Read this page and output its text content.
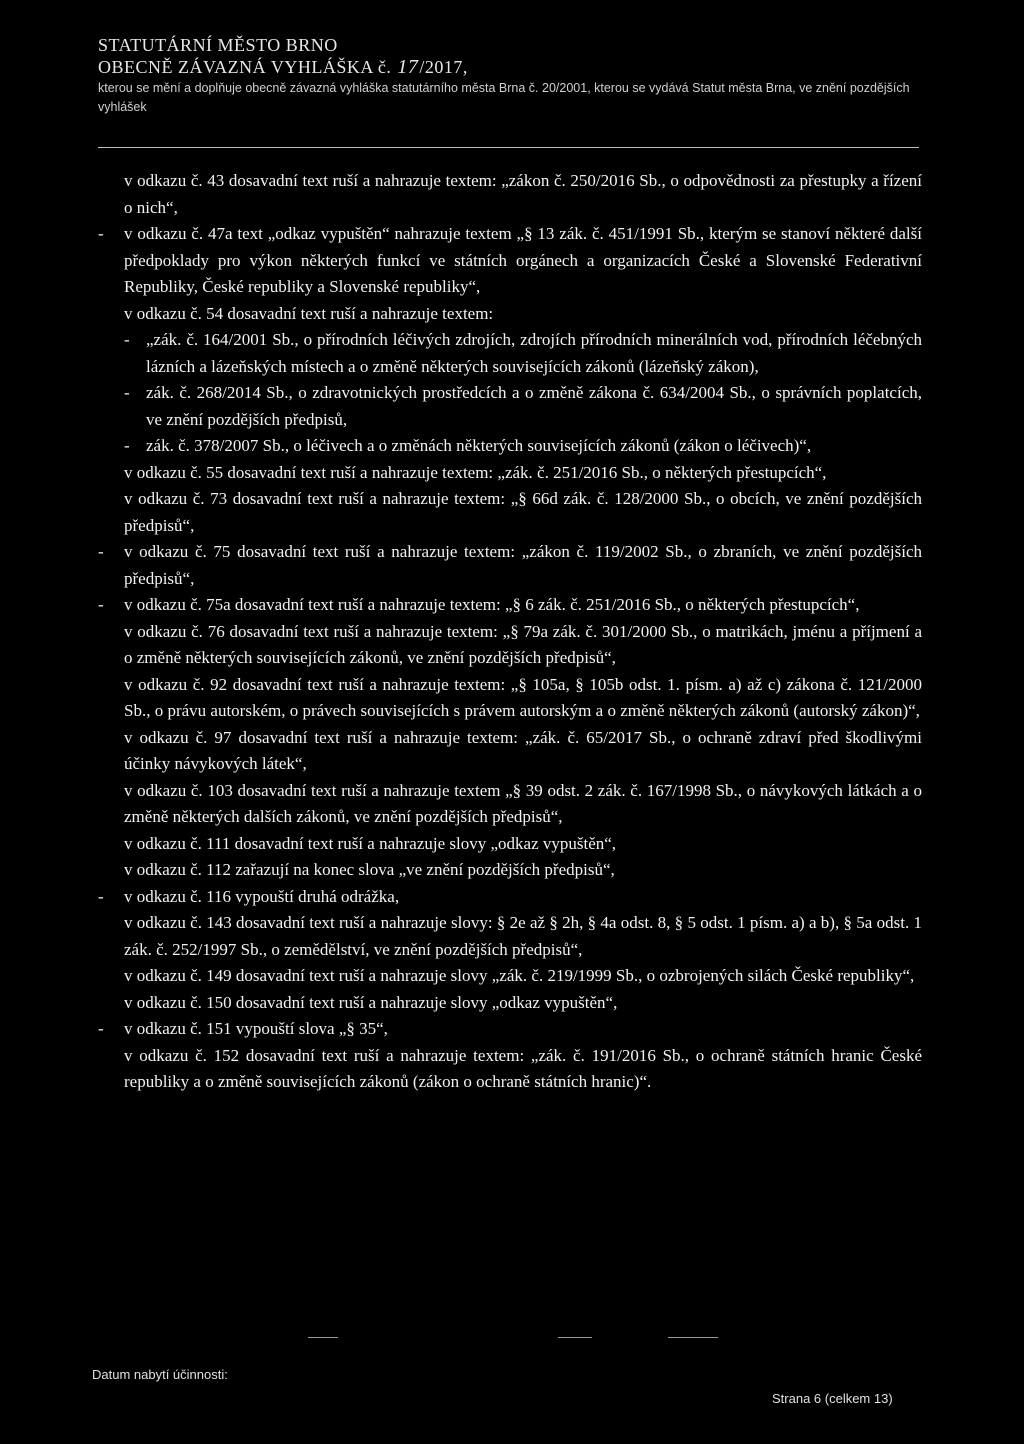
STATUTÁRNÍ MĚSTO BRNO
OBECNĚ ZÁVAZNÁ VYHLÁŠKA č. 17/2017,
kterou se mění a doplňuje obecně závazná vyhláška statutárního města Brna č. 20/2001, kterou se vydává Statut města Brna, ve znění pozdějších vyhlášek
v odkazu č. 43 dosavadní text ruší a nahrazuje textem: „zákon č. 250/2016 Sb., o odpovědnosti za přestupky a řízení o nich“,
- v odkazu č. 47a text „odkaz vypuštěn“ nahrazuje textem „§ 13 zák. č. 451/1991 Sb., kterým se stanoví některé další předpoklady pro výkon některých funkcí ve státních orgánech a organizacích České a Slovenské Federativní Republiky, České republiky a Slovenské republiky“,
v odkazu č. 54 dosavadní text ruší a nahrazuje textem:
- „zák. č. 164/2001 Sb., o přírodních léčivých zdrojích, zdrojích přírodních minerálních vod, přírodních léčebných lázních a lázeňských místech a o změně některých souvisejících zákonů (lázeňský zákon),
- zák. č. 268/2014 Sb., o zdravotnických prostředcích a o změně zákona č. 634/2004 Sb., o správních poplatcích, ve znění pozdějších předpisů,
- zák. č. 378/2007 Sb., o léčivech a o změnách některých souvisejících zákonů (zákon o léčivech)“,
v odkazu č. 55 dosavadní text ruší a nahrazuje textem: „zák. č. 251/2016 Sb., o některých přestupcích“,
v odkazu č. 73 dosavadní text ruší a nahrazuje textem: „§ 66d zák. č. 128/2000 Sb., o obcích, ve znění pozdějších předpisů“,
- v odkazu č. 75 dosavadní text ruší a nahrazuje textem: „zákon č. 119/2002 Sb., o zbraních, ve znění pozdějších předpisů“,
- v odkazu č. 75a dosavadní text ruší a nahrazuje textem: „§ 6 zák. č. 251/2016 Sb., o některých přestupcích“,
v odkazu č. 76 dosavadní text ruší a nahrazuje textem: „§ 79a zák. č. 301/2000 Sb., o matrikách, jménu a příjmení a o změně některých souvisejících zákonů, ve znění pozdějších předpisů“,
v odkazu č. 92 dosavadní text ruší a nahrazuje textem: „§ 105a, § 105b odst. 1. písm. a) až c) zákona č. 121/2000 Sb., o právu autorském, o právech souvisejících s právem autorským a o změně některých zákonů (autorský zákon)“,
v odkazu č. 97 dosavadní text ruší a nahrazuje textem: „zák. č. 65/2017 Sb., o ochraně zdraví před škodlivými účinky návykových látek“,
v odkazu č. 103 dosavadní text ruší a nahrazuje textem „§ 39 odst. 2 zák. č. 167/1998 Sb., o návykových látkách a o změně některých dalších zákonů, ve znění pozdějších předpisů“,
v odkazu č. 111 dosavadní text ruší a nahrazuje slovy „odkaz vypuštěn“,
v odkazu č. 112 zařazují na konec slova „ve znění pozdějších předpisů“,
- v odkazu č. 116 vypouští druhá odrážka,
v odkazu č. 143 dosavadní text ruší a nahrazuje slovy: § 2e až § 2h, § 4a odst. 8, § 5 odst. 1 písm. a) a b), § 5a odst. 1 zák. č. 252/1997 Sb., o zemědělství, ve znění pozdějších předpisů“,
v odkazu č. 149 dosavadní text ruší a nahrazuje slovy „zák. č. 219/1999 Sb., o ozbrojených silách České republiky“,
v odkazu č. 150 dosavadní text ruší a nahrazuje slovy „odkaz vypuštěn“,
- v odkazu č. 151 vypouští slova „§ 35“,
v odkazu č. 152 dosavadní text ruší a nahrazuje textem: „zák. č. 191/2016 Sb., o ochraně státních hranic České republiky a o změně souvisejících zákonů (zákon o ochraně státních hranic)“.
Datum nabytí účinnosti:
Strana 6 (celkem 13)
